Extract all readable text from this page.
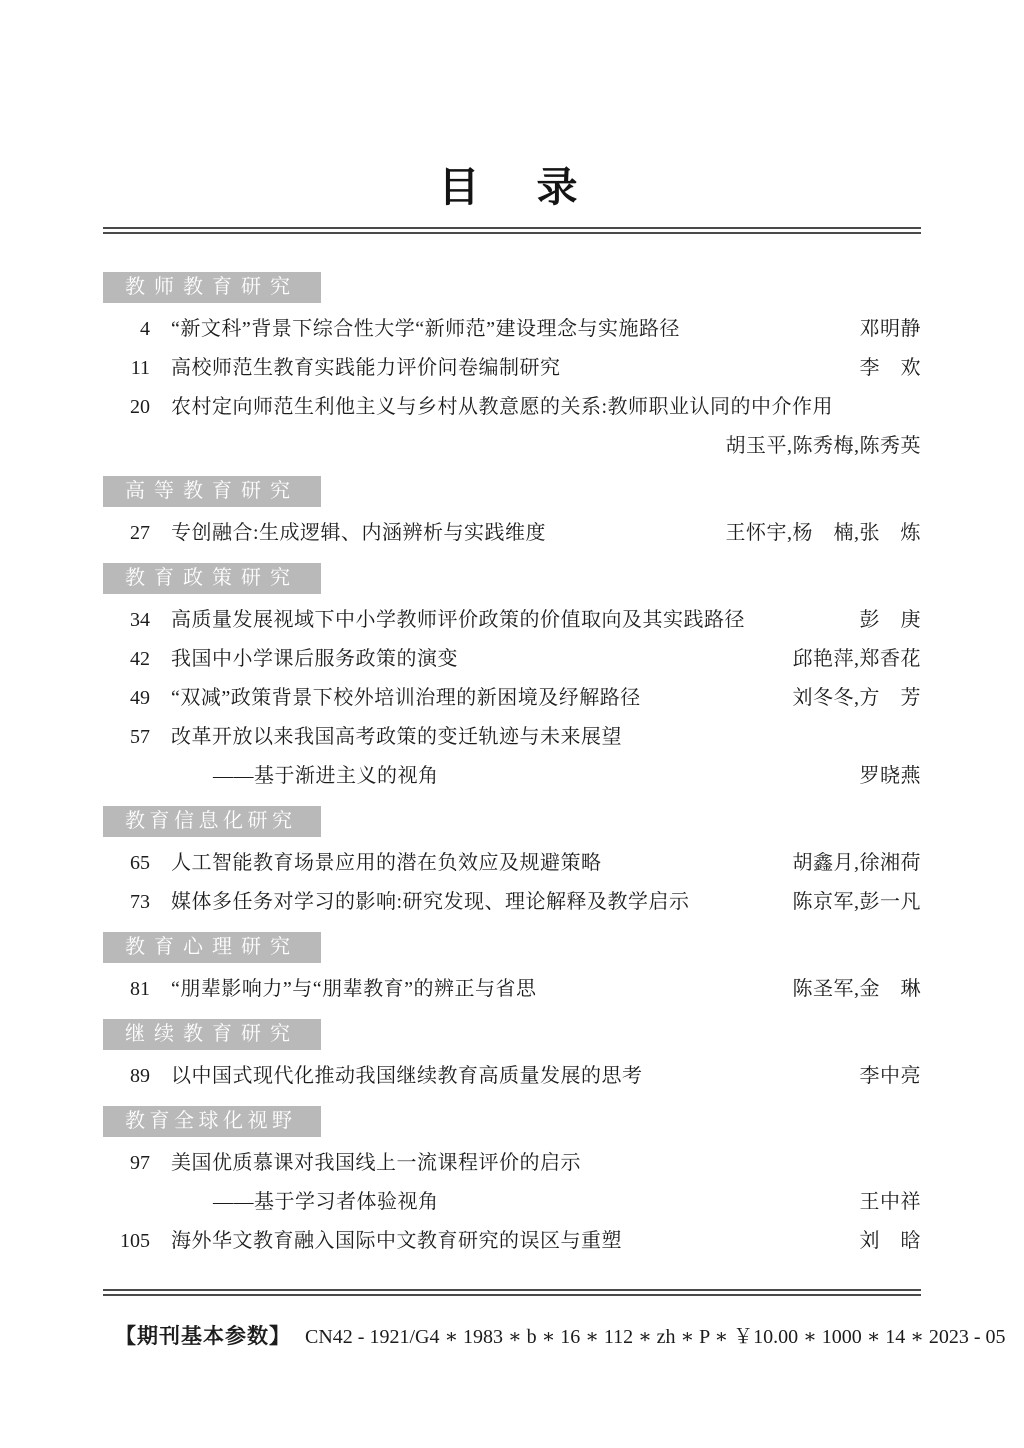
目　录
教师教育研究
4 “新文科”背景下综合性大学“新师范”建设理念与实施路径	邓明静
11 高校师范生教育实践能力评价问卷编制研究	李　欢
20 农村定向师范生利他主义与乡村从教意愿的关系:教师职业认同的中介作用
胡玉平,陈秀梅,陈秀英
高等教育研究
27 专创融合:生成逻辑、内涵辨析与实践维度	王怀宇,杨　楠,张　炼
教育政策研究
34 高质量发展视域下中小学教师评价政策的价值取向及其实践路径	彭　庚
42 我国中小学课后服务政策的演变	邱艳萍,郑香花
49 “双减”政策背景下校外培训治理的新困境及纾解路径	刘冬冬,方　芳
57 改革开放以来我国高考政策的变迁轨迹与未来展望
——基于渐进主义的视角	罗晓燕
教育信息化研究
65 人工智能教育场景应用的潜在负效应及规避策略	胡鑫月,徐湘荷
73 媒体多任务对学习的影响:研究发现、理论解释及教学启示	陈京军,彭一凡
教育心理研究
81 “朋辈影响力”与“朋辈教育”的辨正与省思	陈圣军,金　琳
继续教育研究
89 以中国式现代化推动我国继续教育高质量发展的思考	李中亮
教育全球化视野
97 美国优质慕课对我国线上一流课程评价的启示
——基于学习者体验视角	王中祥
105 海外华文教育融入国际中文教育研究的误区与重塑	刘　晗
【期刊基本参数】 CN42 - 1921/G4 ∗ 1983 ∗ b ∗ 16 ∗ 112 ∗ zh ∗ P ∗ ￥10.00 ∗ 1000 ∗ 14 ∗ 2023 - 05
